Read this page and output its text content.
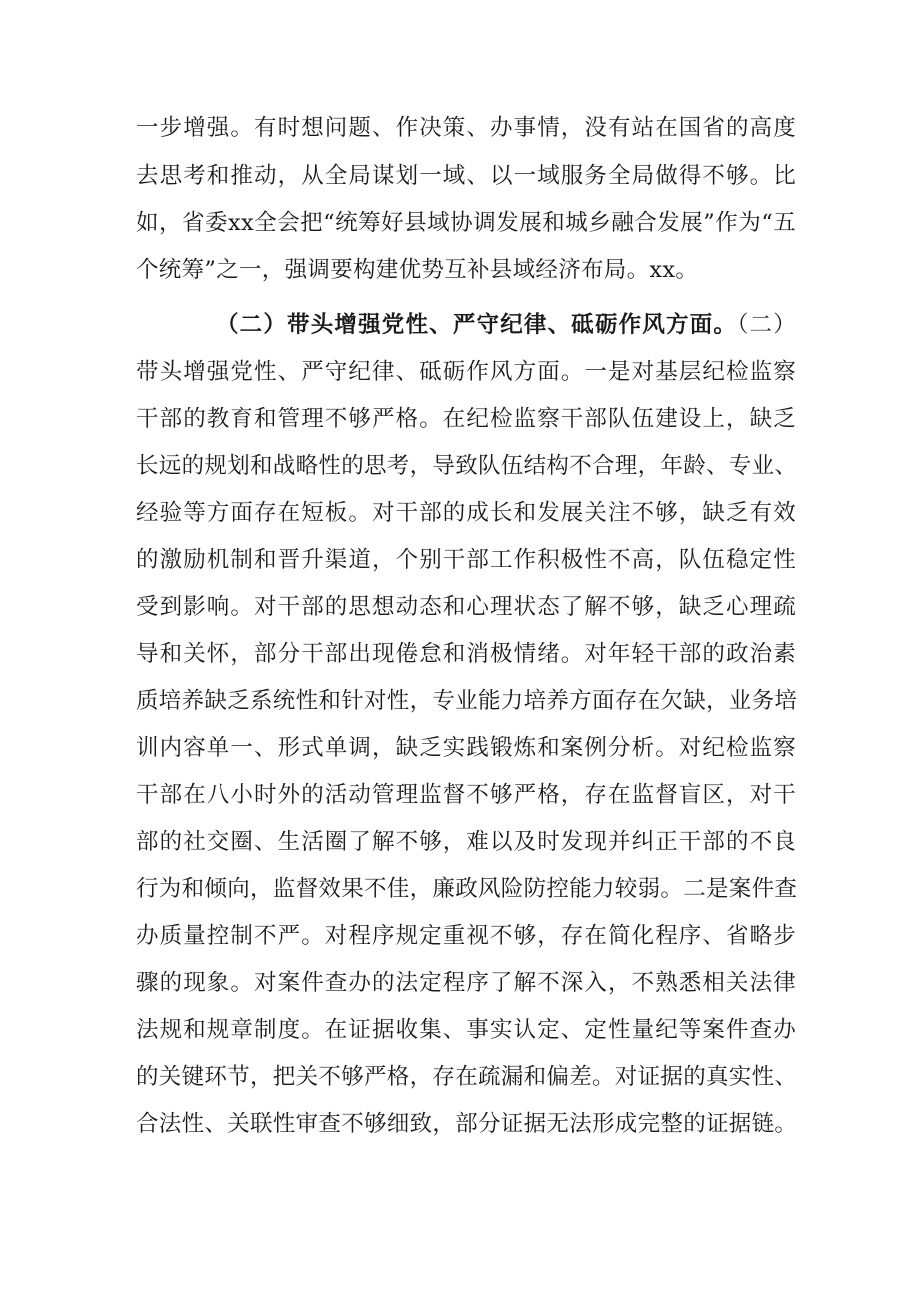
一步增强。有时想问题、作决策、办事情，没有站在国省的高度
去思考和推动，从全局谋划一域、以一域服务全局做得不够。比
如，省委xx全会把“统筹好县域协调发展和城乡融合发展”作为“五
个统筹”之一，强调要构建优势互补县域经济布局。xx。
（二）带头增强党性、严守纪律、砥砺作风方面。（二）
带头增强党性、严守纪律、砥砺作风方面。一是对基层纪检监察
干部的教育和管理不够严格。在纪检监察干部队伍建设上，缺乏
长远的规划和战略性的思考，导致队伍结构不合理，年龄、专业、
经验等方面存在短板。对干部的成长和发展关注不够，缺乏有效
的激励机制和晋升渠道，个别干部工作积极性不高，队伍稳定性
受到影响。对干部的思想动态和心理状态了解不够，缺乏心理疏
导和关怀，部分干部出现倦怠和消极情绪。对年轻干部的政治素
质培养缺乏系统性和针对性，专业能力培养方面存在欠缺，业务培
训内容单一、形式单调，缺乏实践锻炼和案例分析。对纪检监察
干部在八小时外的活动管理监督不够严格，存在监督盲区，对干
部的社交圈、生活圈了解不够，难以及时发现并纠正干部的不良
行为和倾向，监督效果不佳，廉政风险防控能力较弱。二是案件查
办质量控制不严。对程序规定重视不够，存在简化程序、省略步
骤的现象。对案件查办的法定程序了解不深入，不熟悉相关法律
法规和规章制度。在证据收集、事实认定、定性量纪等案件查办
的关键环节，把关不够严格，存在疏漏和偏差。对证据的真实性、
合法性、关联性审查不够细致，部分证据无法形成完整的证据链。
